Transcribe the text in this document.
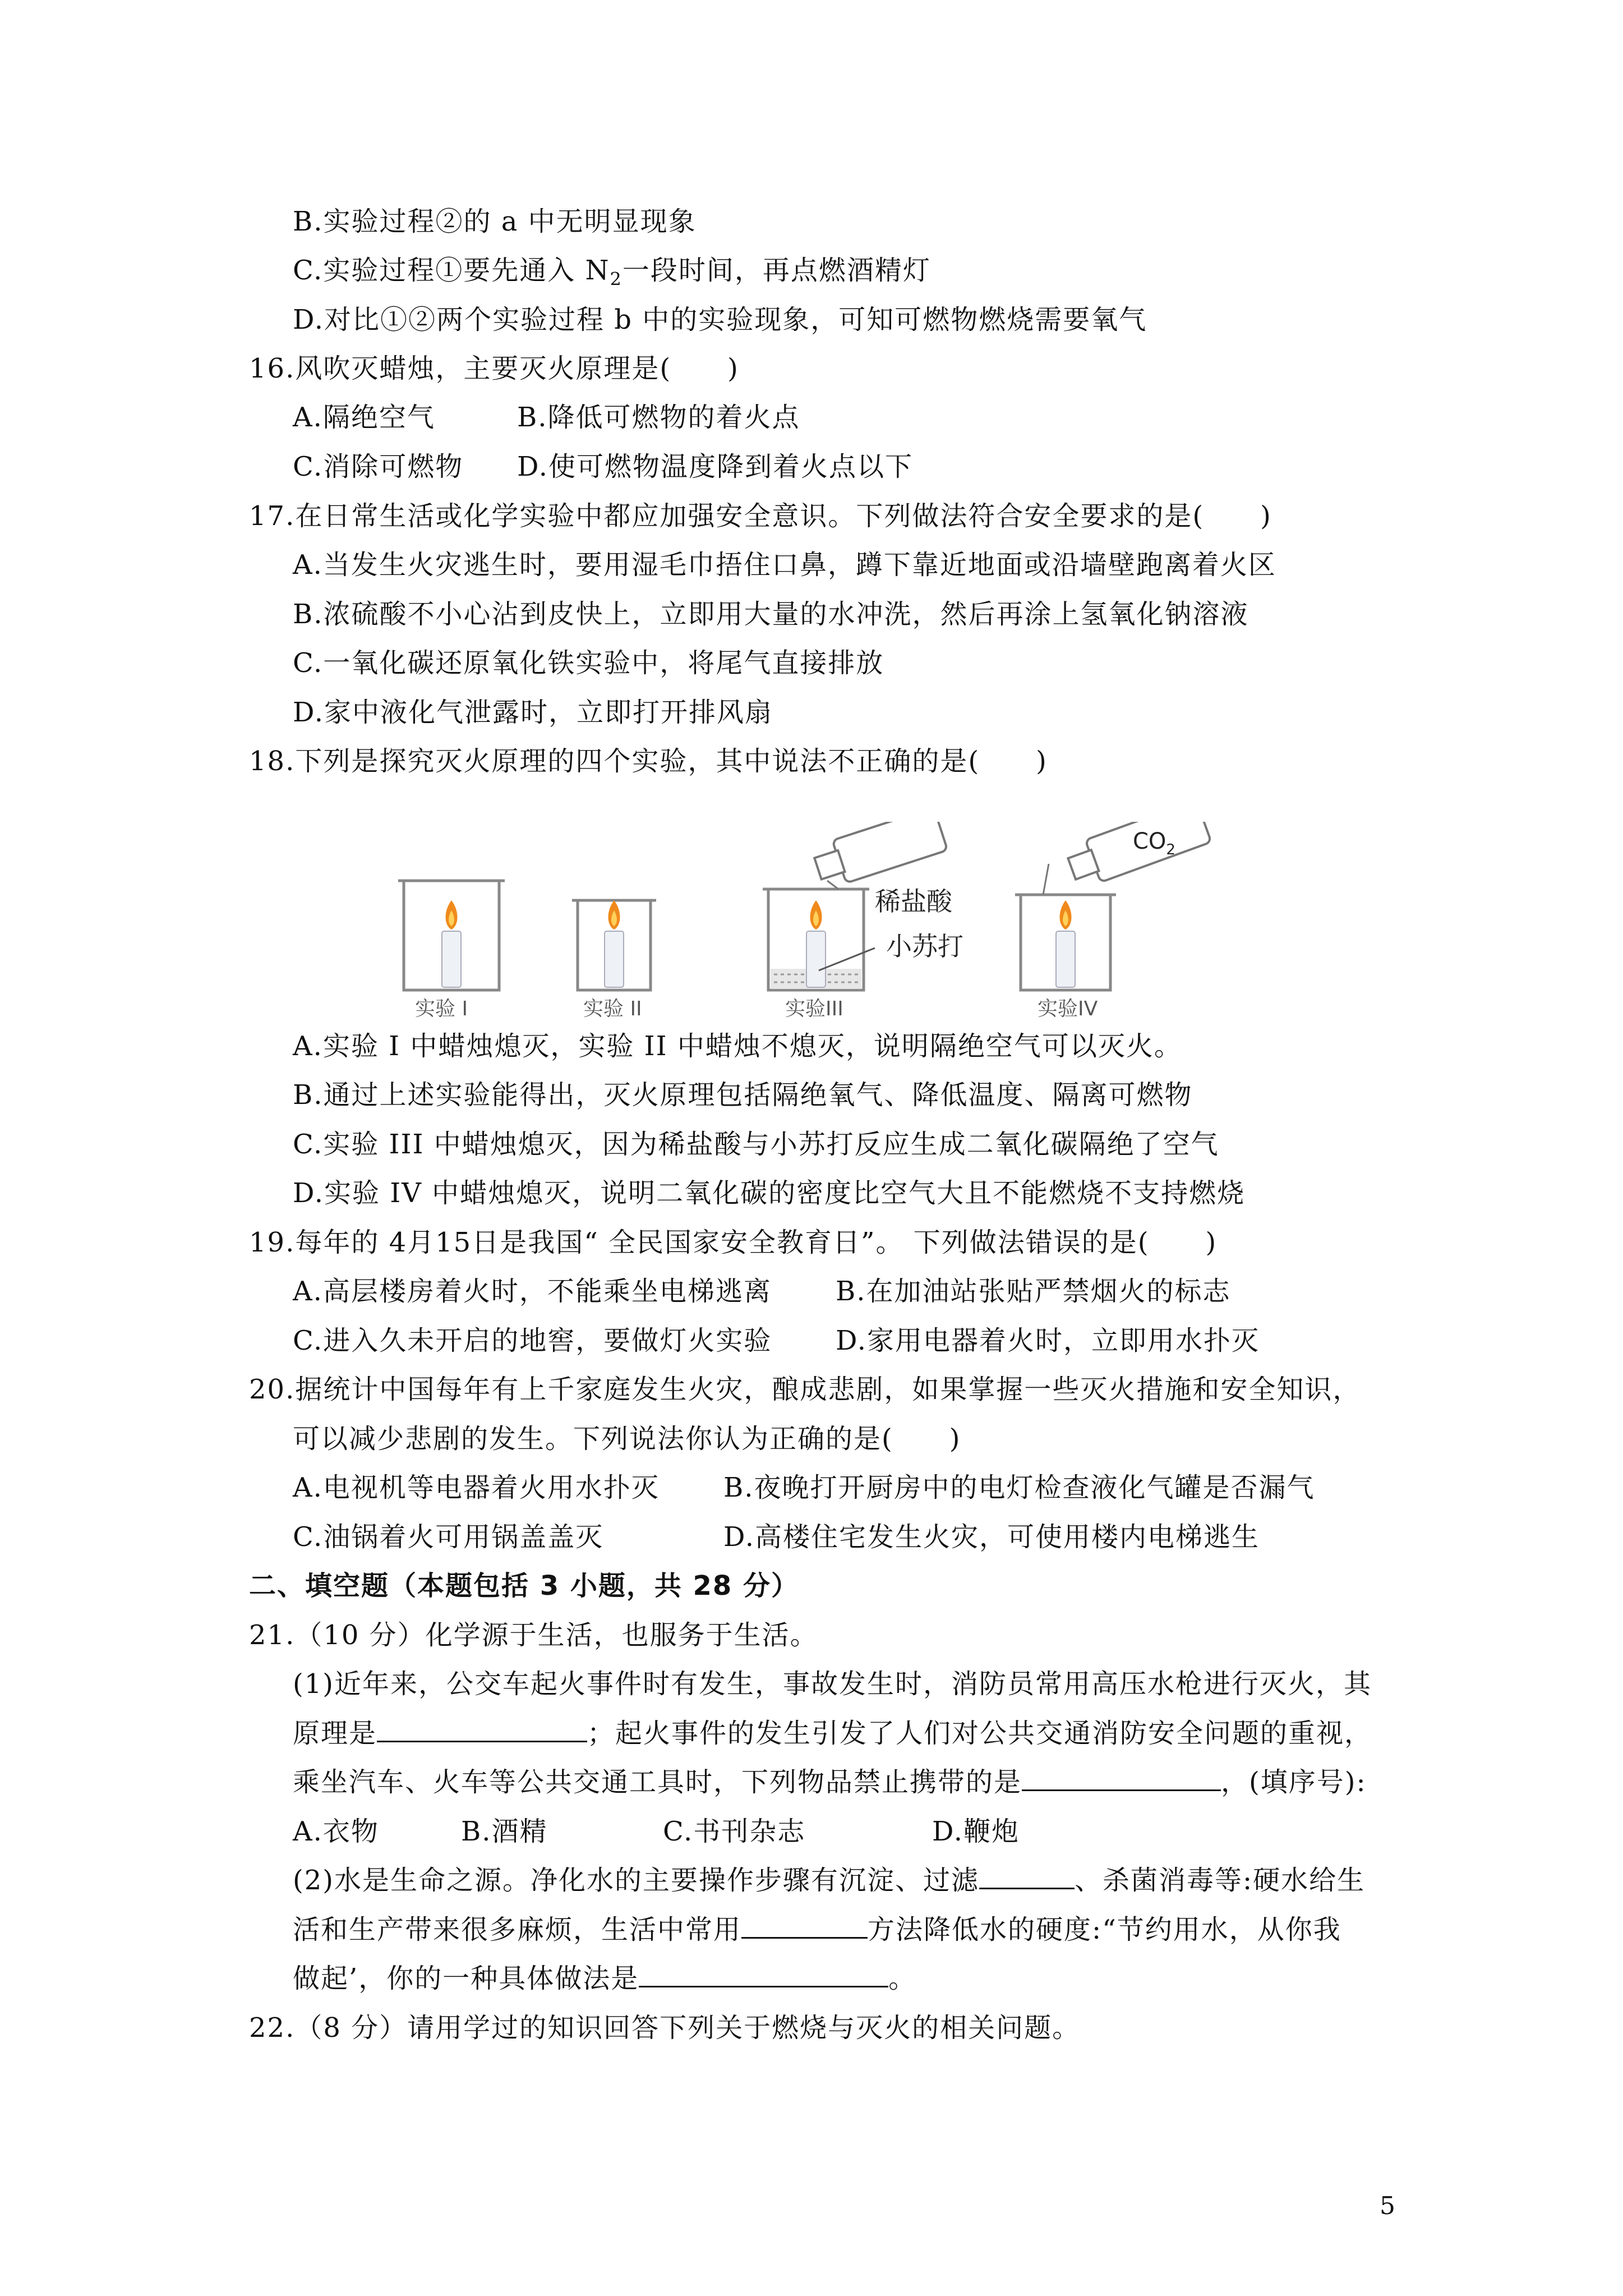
B.实验过程②的 a 中无明显现象
C.实验过程①要先通入 $N_2$一段时间，再点燃酒精灯
D.对比①②两个实验过程 b 中的实验现象，可知可燃物燃烧需要氧气
16.风吹灭蜡烛，主要灭火原理是(　　)
A.隔绝空气	B.降低可燃物的着火点
C.消除可燃物 D.使可燃物温度降到着火点以下
17.在日常生活或化学实验中都应加强安全意识。下列做法符合安全要求的是(　　)
A.当发生火灾逃生时，要用湿毛巾捂住口鼻，蹲下靠近地面或沿墙壁跑离着火区
B.浓硫酸不小心沾到皮快上，立即用大量的水冲洗，然后再涂上氢氧化钠溶液
C.一氧化碳还原氧化铁实验中，将尾气直接排放
D.家中液化气泄露时，立即打开排风扇
18.下列是探究灭火原理的四个实验，其中说法不正确的是(　　)
稀盐酸
小苏打
$CO_2$
实验 I	实验 II	实验III	实验IV
A.实验 I 中蜡烛熄灭，实验 II 中蜡烛不熄灭，说明隔绝空气可以灭火。
B.通过上述实验能得出，灭火原理包括隔绝氧气、降低温度、隔离可燃物
C.实验 III 中蜡烛熄灭，因为稀盐酸与小苏打反应生成二氧化碳隔绝了空气
D.实验 IV 中蜡烛熄灭，说明二氧化碳的密度比空气大且不能燃烧不支持燃烧
19.每年的 4月15日是我国“ 全民国家安全教育日”。 下列做法错误的是(　　)
A.高层楼房着火时，不能乘坐电梯逃离 B.在加油站张贴严禁烟火的标志
C.进入久未开启的地窖，要做灯火实验 D.家用电器着火时，立即用水扑灭
20.据统计中国每年有上千家庭发生火灾，酿成悲剧，如果掌握一些灭火措施和安全知识，
可以减少悲剧的发生。下列说法你认为正确的是(　　)
A.电视机等电器着火用水扑灭 B.夜晚打开厨房中的电灯检查液化气罐是否漏气
C.油锅着火可用锅盖盖灭	D.高楼住宅发生火灾，可使用楼内电梯逃生
二、填空题（本题包括 3 小题，共 28 分）
21.（10 分）化学源于生活，也服务于生活。
(1)近年来，公交车起火事件时有发生，事故发生时，消防员常用高压水枪进行灭火，其
原理是	；起火事件的发生引发了人们对公共交通消防安全问题的重视，
乘坐汽车、火车等公共交通工具时，下列物品禁止携带的是	，(填序号):
A.衣物	B.酒精	C.书刊杂志	D.鞭炮
(2)水是生命之源。净化水的主要操作步骤有沉淀、过滤	、杀菌消毒等:硬水给生
活和生产带来很多麻烦，生活中常用	方法降低水的硬度:“节约用水，从你我
做起’，你的一种具体做法是	。
22.（8 分）请用学过的知识回答下列关于燃烧与灭火的相关问题。
5
